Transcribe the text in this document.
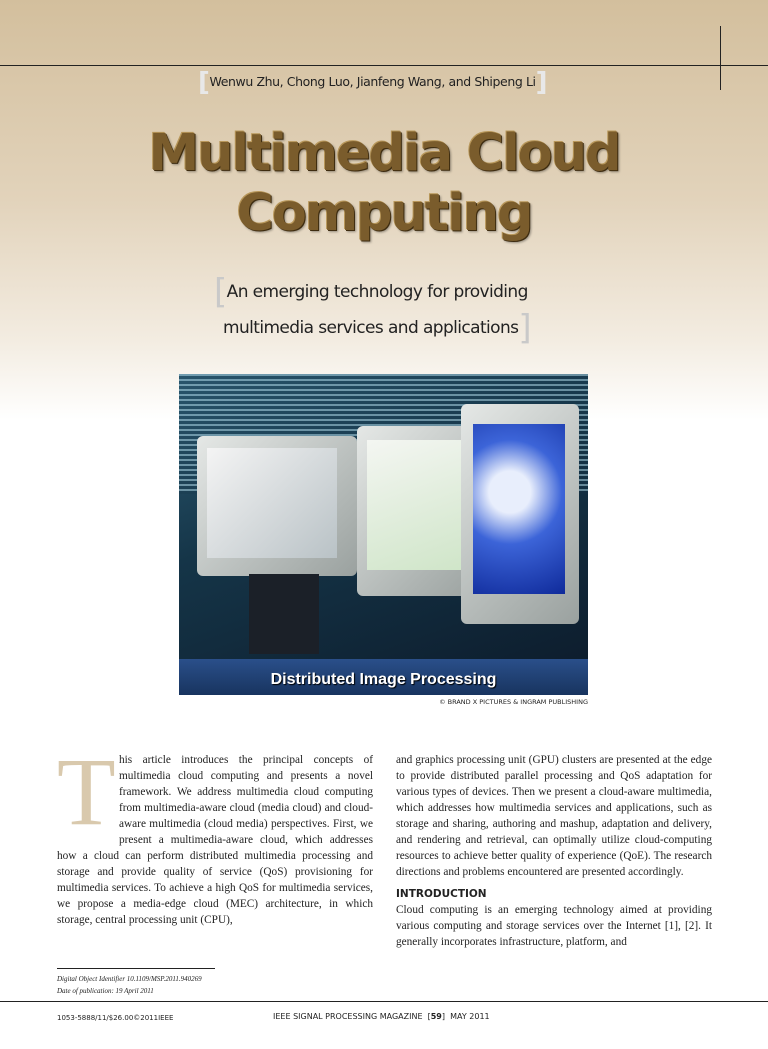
[Wenwu Zhu, Chong Luo, Jianfeng Wang, and Shipeng Li]
Multimedia Cloud
Computing
[An emerging technology for providing
multimedia services and applications]
Distributed Image Processing
© BRAND X PICTURES & INGRAM PUBLISHING
T his article introduces the principal concepts of multimedia cloud computing and presents a novel framework. We address multimedia cloud computing from multimedia-aware cloud (media cloud) and cloud-aware multimedia (cloud media) perspectives. First, we present a multimedia-aware cloud, which addresses how a cloud can perform distributed multimedia processing and storage and provide quality of service (QoS) provisioning for multimedia services. To achieve a high QoS for multimedia services, we propose a media-edge cloud (MEC) architecture, in which storage, central processing unit (CPU),

Digital Object Identifier 10.1109/MSP.2011.940269
Date of publication: 19 April 2011

and graphics processing unit (GPU) clusters are presented at the edge to provide distributed parallel processing and QoS adaptation for various types of devices. Then we present a cloud-aware multimedia, which addresses how multimedia services and applications, such as storage and sharing, authoring and mashup, adaptation and delivery, and rendering and retrieval, can optimally utilize cloud-computing resources to achieve better quality of experience (QoE). The research directions and problems encountered are presented accordingly.

INTRODUCTION

Cloud computing is an emerging technology aimed at providing various computing and storage services over the Internet [1], [2]. It generally incorporates infrastructure, platform, and

1053-5888/11/$26.00©2011IEEE	IEEE SIGNAL PROCESSING MAGAZINE  [59]  MAY 2011
